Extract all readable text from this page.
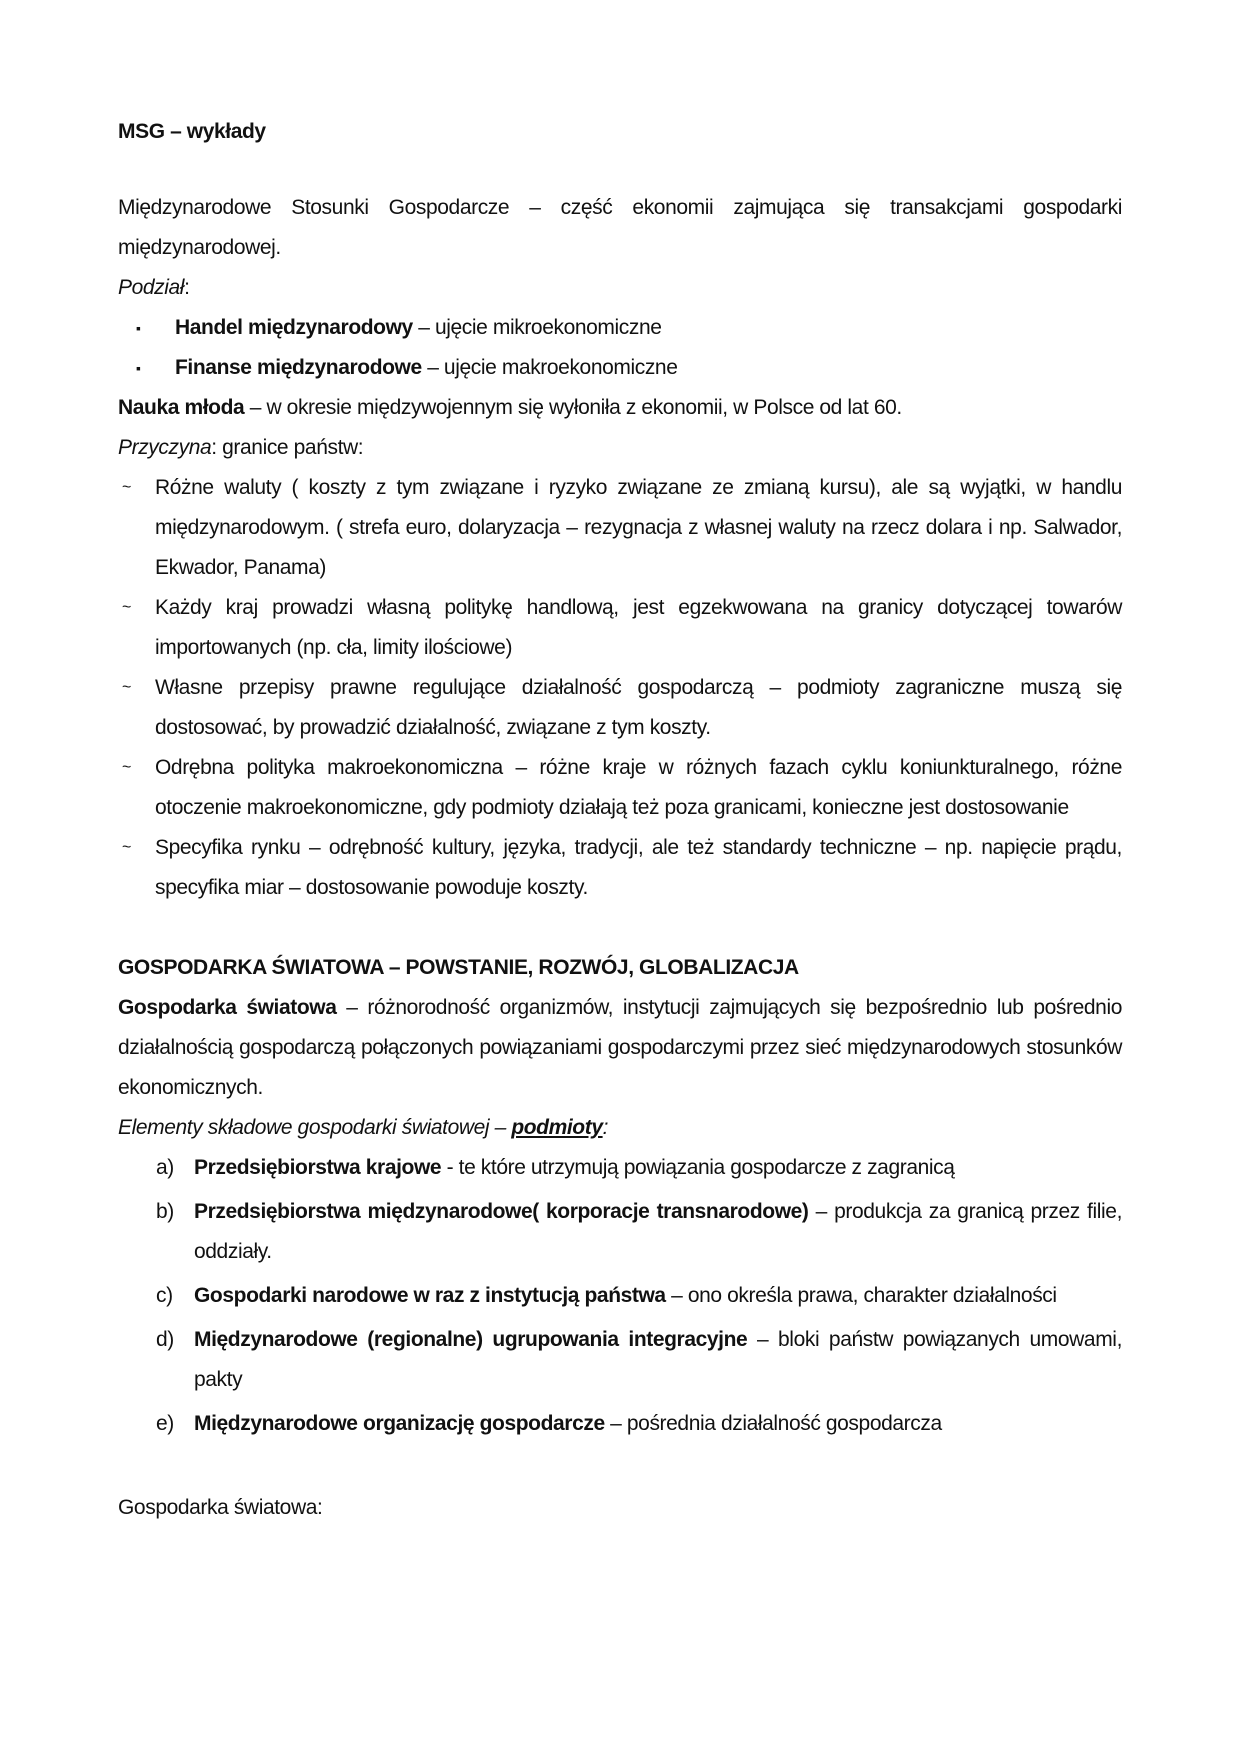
MSG – wykłady
Międzynarodowe Stosunki Gospodarcze – część ekonomii zajmująca się transakcjami gospodarki międzynarodowej.
Podział:
▪	Handel międzynarodowy – ujęcie mikroekonomiczne
▪	Finanse międzynarodowe – ujęcie makroekonomiczne
Nauka młoda – w okresie międzywojennym się wyłoniła z ekonomii, w Polsce od lat 60.
Przyczyna: granice państw:
~	Różne waluty ( koszty z tym związane i ryzyko związane ze zmianą kursu), ale są wyjątki, w handlu międzynarodowym. ( strefa euro, dolaryzacja – rezygnacja z własnej waluty na rzecz dolara i np. Salwador, Ekwador, Panama)
~	Każdy kraj prowadzi własną politykę handlową, jest egzekwowana na granicy dotyczącej towarów importowanych (np. cła, limity ilościowe)
~	Własne przepisy prawne regulujące działalność gospodarczą – podmioty zagraniczne muszą się dostosować, by prowadzić działalność, związane z tym koszty.
~	Odrębna polityka makroekonomiczna – różne kraje w różnych fazach cyklu koniunkturalnego, różne otoczenie makroekonomiczne, gdy podmioty działają też poza granicami, konieczne jest dostosowanie
~	Specyfika rynku – odrębność kultury, języka, tradycji, ale też standardy techniczne – np. napięcie prądu, specyfika miar – dostosowanie powoduje koszty.
GOSPODARKA ŚWIATOWA – POWSTANIE, ROZWÓJ, GLOBALIZACJA
Gospodarka światowa – różnorodność organizmów, instytucji zajmujących się bezpośrednio lub pośrednio działalnością gospodarczą połączonych powiązaniami gospodarczymi przez sieć międzynarodowych stosunków ekonomicznych.
Elementy składowe gospodarki światowej – podmioty:
a) Przedsiębiorstwa krajowe - te które utrzymują powiązania gospodarcze z zagranicą
b) Przedsiębiorstwa międzynarodowe( korporacje transnarodowe) – produkcja za granicą przez filie, oddziały.
c)	Gospodarki narodowe w raz z instytucją państwa – ono określa prawa, charakter działalności
d) Międzynarodowe (regionalne) ugrupowania integracyjne – bloki państw powiązanych umowami, pakty
e) Międzynarodowe organizację gospodarcze – pośrednia działalność gospodarcza
Gospodarka światowa:
